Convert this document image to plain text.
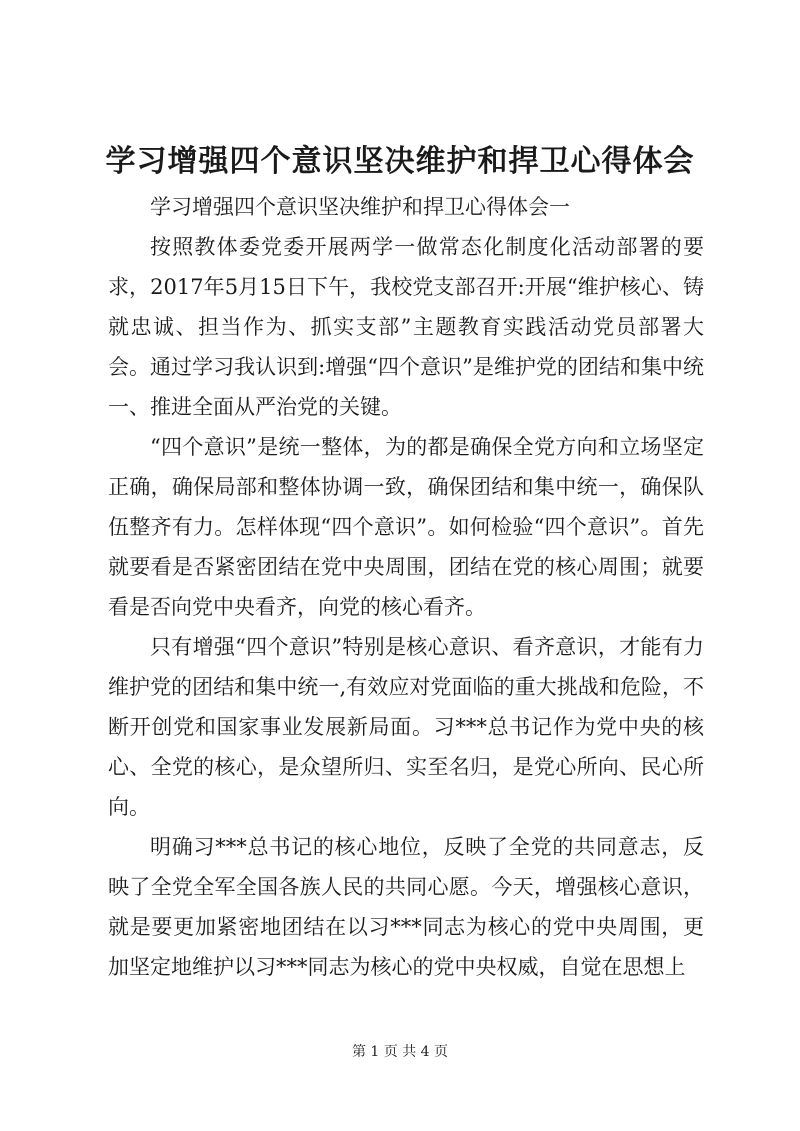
学习增强四个意识坚决维护和捍卫心得体会

学习增强四个意识坚决维护和捍卫心得体会一

按照教体委党委开展两学一做常态化制度化活动部署的要求，2017年5月15日下午，我校党支部召开:开展“维护核心、铸就忠诚、担当作为、抓实支部”主题教育实践活动党员部署大会。通过学习我认识到:增强“四个意识”是维护党的团结和集中统一、推进全面从严治党的关键。

“四个意识”是统一整体，为的都是确保全党方向和立场坚定正确，确保局部和整体协调一致，确保团结和集中统一，确保队伍整齐有力。怎样体现“四个意识”。如何检验“四个意识”。首先就要看是否紧密团结在党中央周围，团结在党的核心周围；就要看是否向党中央看齐，向党的核心看齐。

只有增强“四个意识”特别是核心意识、看齐意识，才能有力维护党的团结和集中统一,有效应对党面临的重大挑战和危险，不断开创党和国家事业发展新局面。习***总书记作为党中央的核心、全党的核心，是众望所归、实至名归，是党心所向、民心所向。

明确习***总书记的核心地位，反映了全党的共同意志，反映了全党全军全国各族人民的共同心愿。今天，增强核心意识，就是要更加紧密地团结在以习***同志为核心的党中央周围，更加坚定地维护以习***同志为核心的党中央权威，自觉在思想上

第 1 页 共 4 页
